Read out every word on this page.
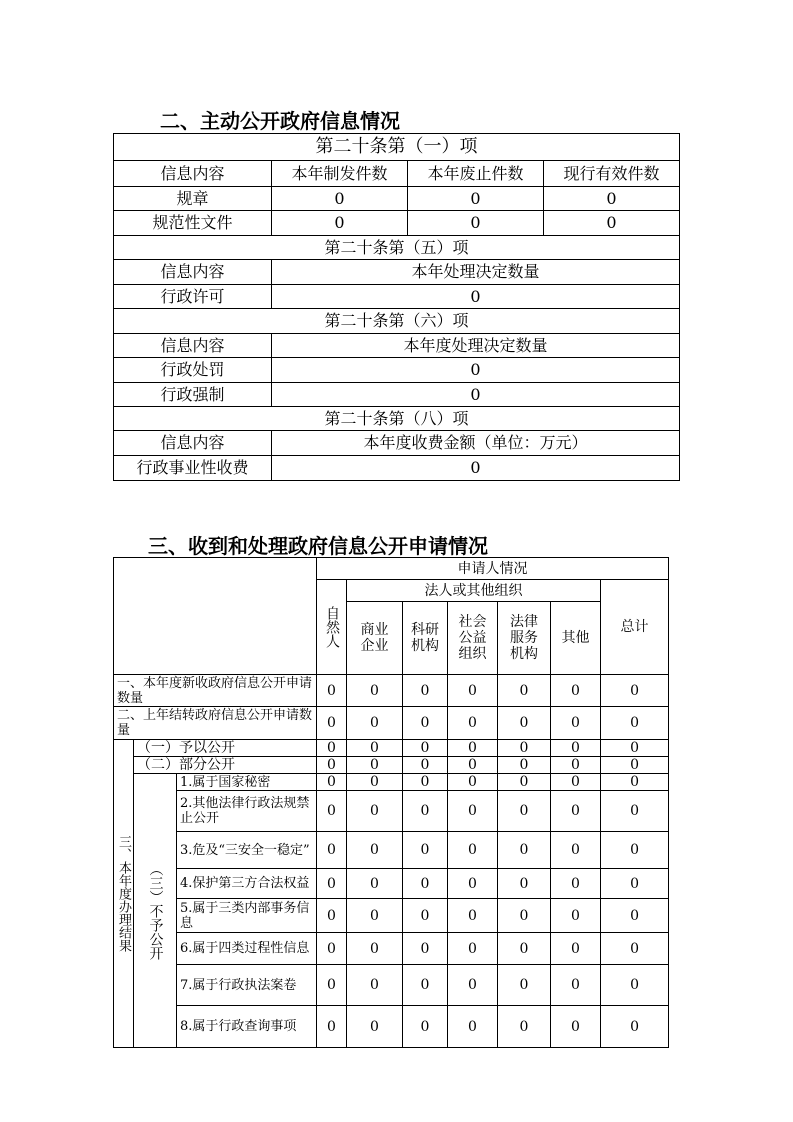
二、主动公开政府信息情况
第二十条第（一）项			
信息内容	本年制发件数	本年废止件数	现行有效件数
规章	0	0	0
规范性文件	0	0	0
第二十条第（五）项			
信息内容	本年处理决定数量		
行政许可	0		
第二十条第（六）项			
信息内容	本年度处理决定数量		
行政处罚	0		
行政强制	0		
第二十条第（八）项			
信息内容	本年度收费金额（单位：万元）		
行政事业性收费	0		
三、收到和处理政府信息公开申请情况
			申请人情况						
			自然人	法人或其他组织					总计

				商业企业	科研机构	社会公益组织	法律服务机构	其他	
一、本年度新收政府信息公开申请数量			0	0	0	0	0	0	0
二、上年结转政府信息公开申请数量			0	0	0	0	0	0	0
三、本年度办理结果	（一）予以公开		0	0	0	0	0	0	0
	（二）部分公开		0	0	0	0	0	0	0
	（三）不予公开	1.属于国家秘密	0	0	0	0	0	0	0
		2.其他法律行政法规禁止公开	0	0	0	0	0	0	0
		3.危及“三安全一稳定”	0	0	0	0	0	0	0
		4.保护第三方合法权益	0	0	0	0	0	0	0
		5.属于三类内部事务信息	0	0	0	0	0	0	0
		6.属于四类过程性信息	0	0	0	0	0	0	0
		7.属于行政执法案卷	0	0	0	0	0	0	0
		8.属于行政查询事项	0	0	0	0	0	0	0
